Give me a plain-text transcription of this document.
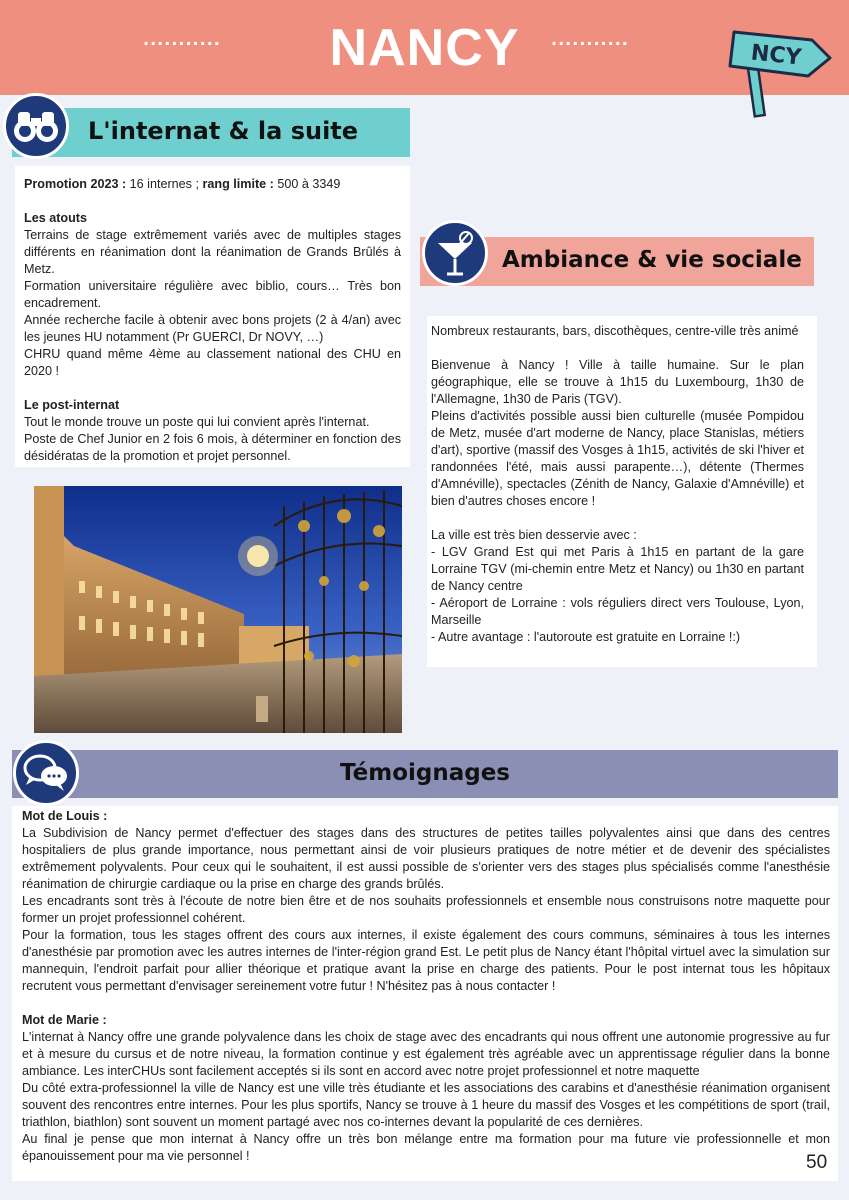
...........	NANCY	...........
NCY
L'internat & la suite

Promotion 2023 : 16 internes ; rang limite : 500 à 3349

Les atouts

Terrains de stage extrêmement variés avec de multiples stages différents en réanimation dont la réanimation de Grands Brûlés à Metz.

Formation universitaire régulière avec biblio, cours… Très bon encadrement.

Année recherche facile à obtenir avec bons projets (2 à 4/an) avec les jeunes HU notamment (Pr GUERCI, Dr NOVY, …)

CHRU quand même 4ème au classement national des CHU en 2020 !

Le post-internat

Tout le monde trouve un poste qui lui convient après l'internat.

Poste de Chef Junior en 2 fois 6 mois, à déterminer en fonction des désidératas de la promotion et projet personnel.

Ambiance & vie sociale

Nombreux restaurants, bars, discothèques, centre-ville très animé

Bienvenue à Nancy ! Ville à taille humaine. Sur le plan géographique, elle se trouve à 1h15 du Luxembourg, 1h30 de l'Allemagne, 1h30 de Paris (TGV).

Pleins d'activités possible aussi bien culturelle (musée Pompidou de Metz, musée d'art moderne de Nancy, place Stanislas, métiers d'art), sportive (massif des Vosges à 1h15, activités de ski l'hiver et randonnées l'été, mais aussi parapente…), détente (Thermes d'Amnéville), spectacles (Zénith de Nancy, Galaxie d'Amnéville) et bien d'autres choses encore !

La ville est très bien desservie avec :

- LGV Grand Est qui met Paris à 1h15 en partant de la gare Lorraine TGV (mi-chemin entre Metz et Nancy) ou 1h30 en partant de Nancy centre

- Aéroport de Lorraine : vols réguliers direct vers Toulouse, Lyon, Marseille

- Autre avantage : l'autoroute est gratuite en Lorraine !:)

Témoignages

Mot de Louis :

La Subdivision de Nancy permet d'effectuer des stages dans des structures de petites tailles polyvalentes ainsi que dans des centres hospitaliers de plus grande importance, nous permettant ainsi de voir plusieurs pratiques de notre métier et de devenir des spécialistes extrêmement polyvalents. Pour ceux qui le souhaitent, il est aussi possible de s'orienter vers des stages plus spécialisés comme l'anesthésie réanimation de chirurgie cardiaque ou la prise en charge des grands brûlés.

Les encadrants sont très à l'écoute de notre bien être et de nos souhaits professionnels et ensemble nous construisons notre maquette pour former un projet professionnel cohérent.

Pour la formation, tous les stages offrent des cours aux internes, il existe également des cours communs, séminaires à tous les internes d'anesthésie par promotion avec les autres internes de l'inter-région grand Est. Le petit plus de Nancy étant l'hôpital virtuel avec la simulation sur mannequin, l'endroit parfait pour allier théorique et pratique avant la prise en charge des patients. Pour le post internat tous les hôpitaux recrutent vous permettant d'envisager sereinement votre futur ! N'hésitez pas à nous contacter !

Mot de Marie :

L'internat à Nancy offre une grande polyvalence dans les choix de stage avec des encadrants qui nous offrent une autonomie progressive au fur et à mesure du cursus et de notre niveau, la formation continue y est également très agréable avec un apprentissage régulier dans la bonne ambiance. Les interCHUs sont facilement acceptés si ils sont en accord avec notre projet professionnel et notre maquette

Du côté extra-professionnel la ville de Nancy est une ville très étudiante et les associations des carabins et d'anesthésie réanimation organisent souvent des rencontres entre internes. Pour les plus sportifs, Nancy se trouve à 1 heure du massif des Vosges et les compétitions de sport (trail, triathlon, biathlon) sont souvent un moment partagé avec nos co-internes devant la popularité de ces dernières.

Au final je pense que mon internat à Nancy offre un très bon mélange entre ma formation pour ma future vie professionnelle et mon épanouissement pour ma vie personnel !	50
